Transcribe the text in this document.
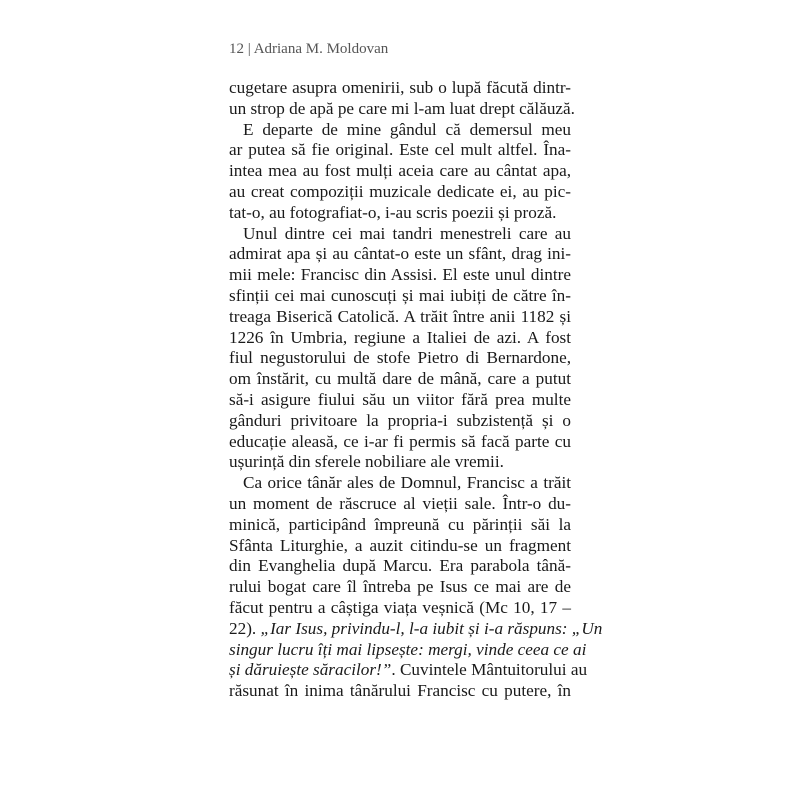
12 | Adriana M. Moldovan
cugetare asupra omenirii, sub o lupă făcută dintr-
un strop de apă pe care mi l-am luat drept călăuză.
E departe de mine gândul că demersul meu
ar putea să fie original. Este cel mult altfel. Îna-
intea mea au fost mulți aceia care au cântat apa,
au creat compoziții muzicale dedicate ei, au pic-
tat-o, au fotografiat-o, i-au scris poezii și proză.
Unul dintre cei mai tandri menestreli care au
admirat apa și au cântat-o este un sfânt, drag ini-
mii mele: Francisc din Assisi. El este unul dintre
sfinții cei mai cunoscuți și mai iubiți de către în-
treaga Biserică Catolică. A trăit între anii 1182 și
1226 în Umbria, regiune a Italiei de azi. A fost
fiul negustorului de stofe Pietro di Bernardone,
om înstărit, cu multă dare de mână, care a putut
să-i asigure fiului său un viitor fără prea multe
gânduri privitoare la propria-i subzistență și o
educație aleasă, ce i-ar fi permis să facă parte cu
ușurință din sferele nobiliare ale vremii.
Ca orice tânăr ales de Domnul, Francisc a trăit
un moment de răscruce al vieții sale. Într-o du-
minică, participând împreună cu părinții săi la
Sfânta Liturghie, a auzit citindu-se un fragment
din Evanghelia după Marcu. Era parabola tână-
rului bogat care îl întreba pe Isus ce mai are de
făcut pentru a câștiga viața veșnică (Mc 10, 17 –
22). „Iar Isus, privindu-l, l-a iubit și i-a răspuns: „Un
singur lucru îți mai lipsește: mergi, vinde ceea ce ai
și dăruiește săracilor!”. Cuvintele Mântuitorului au
răsunat în inima tânărului Francisc cu putere, în
